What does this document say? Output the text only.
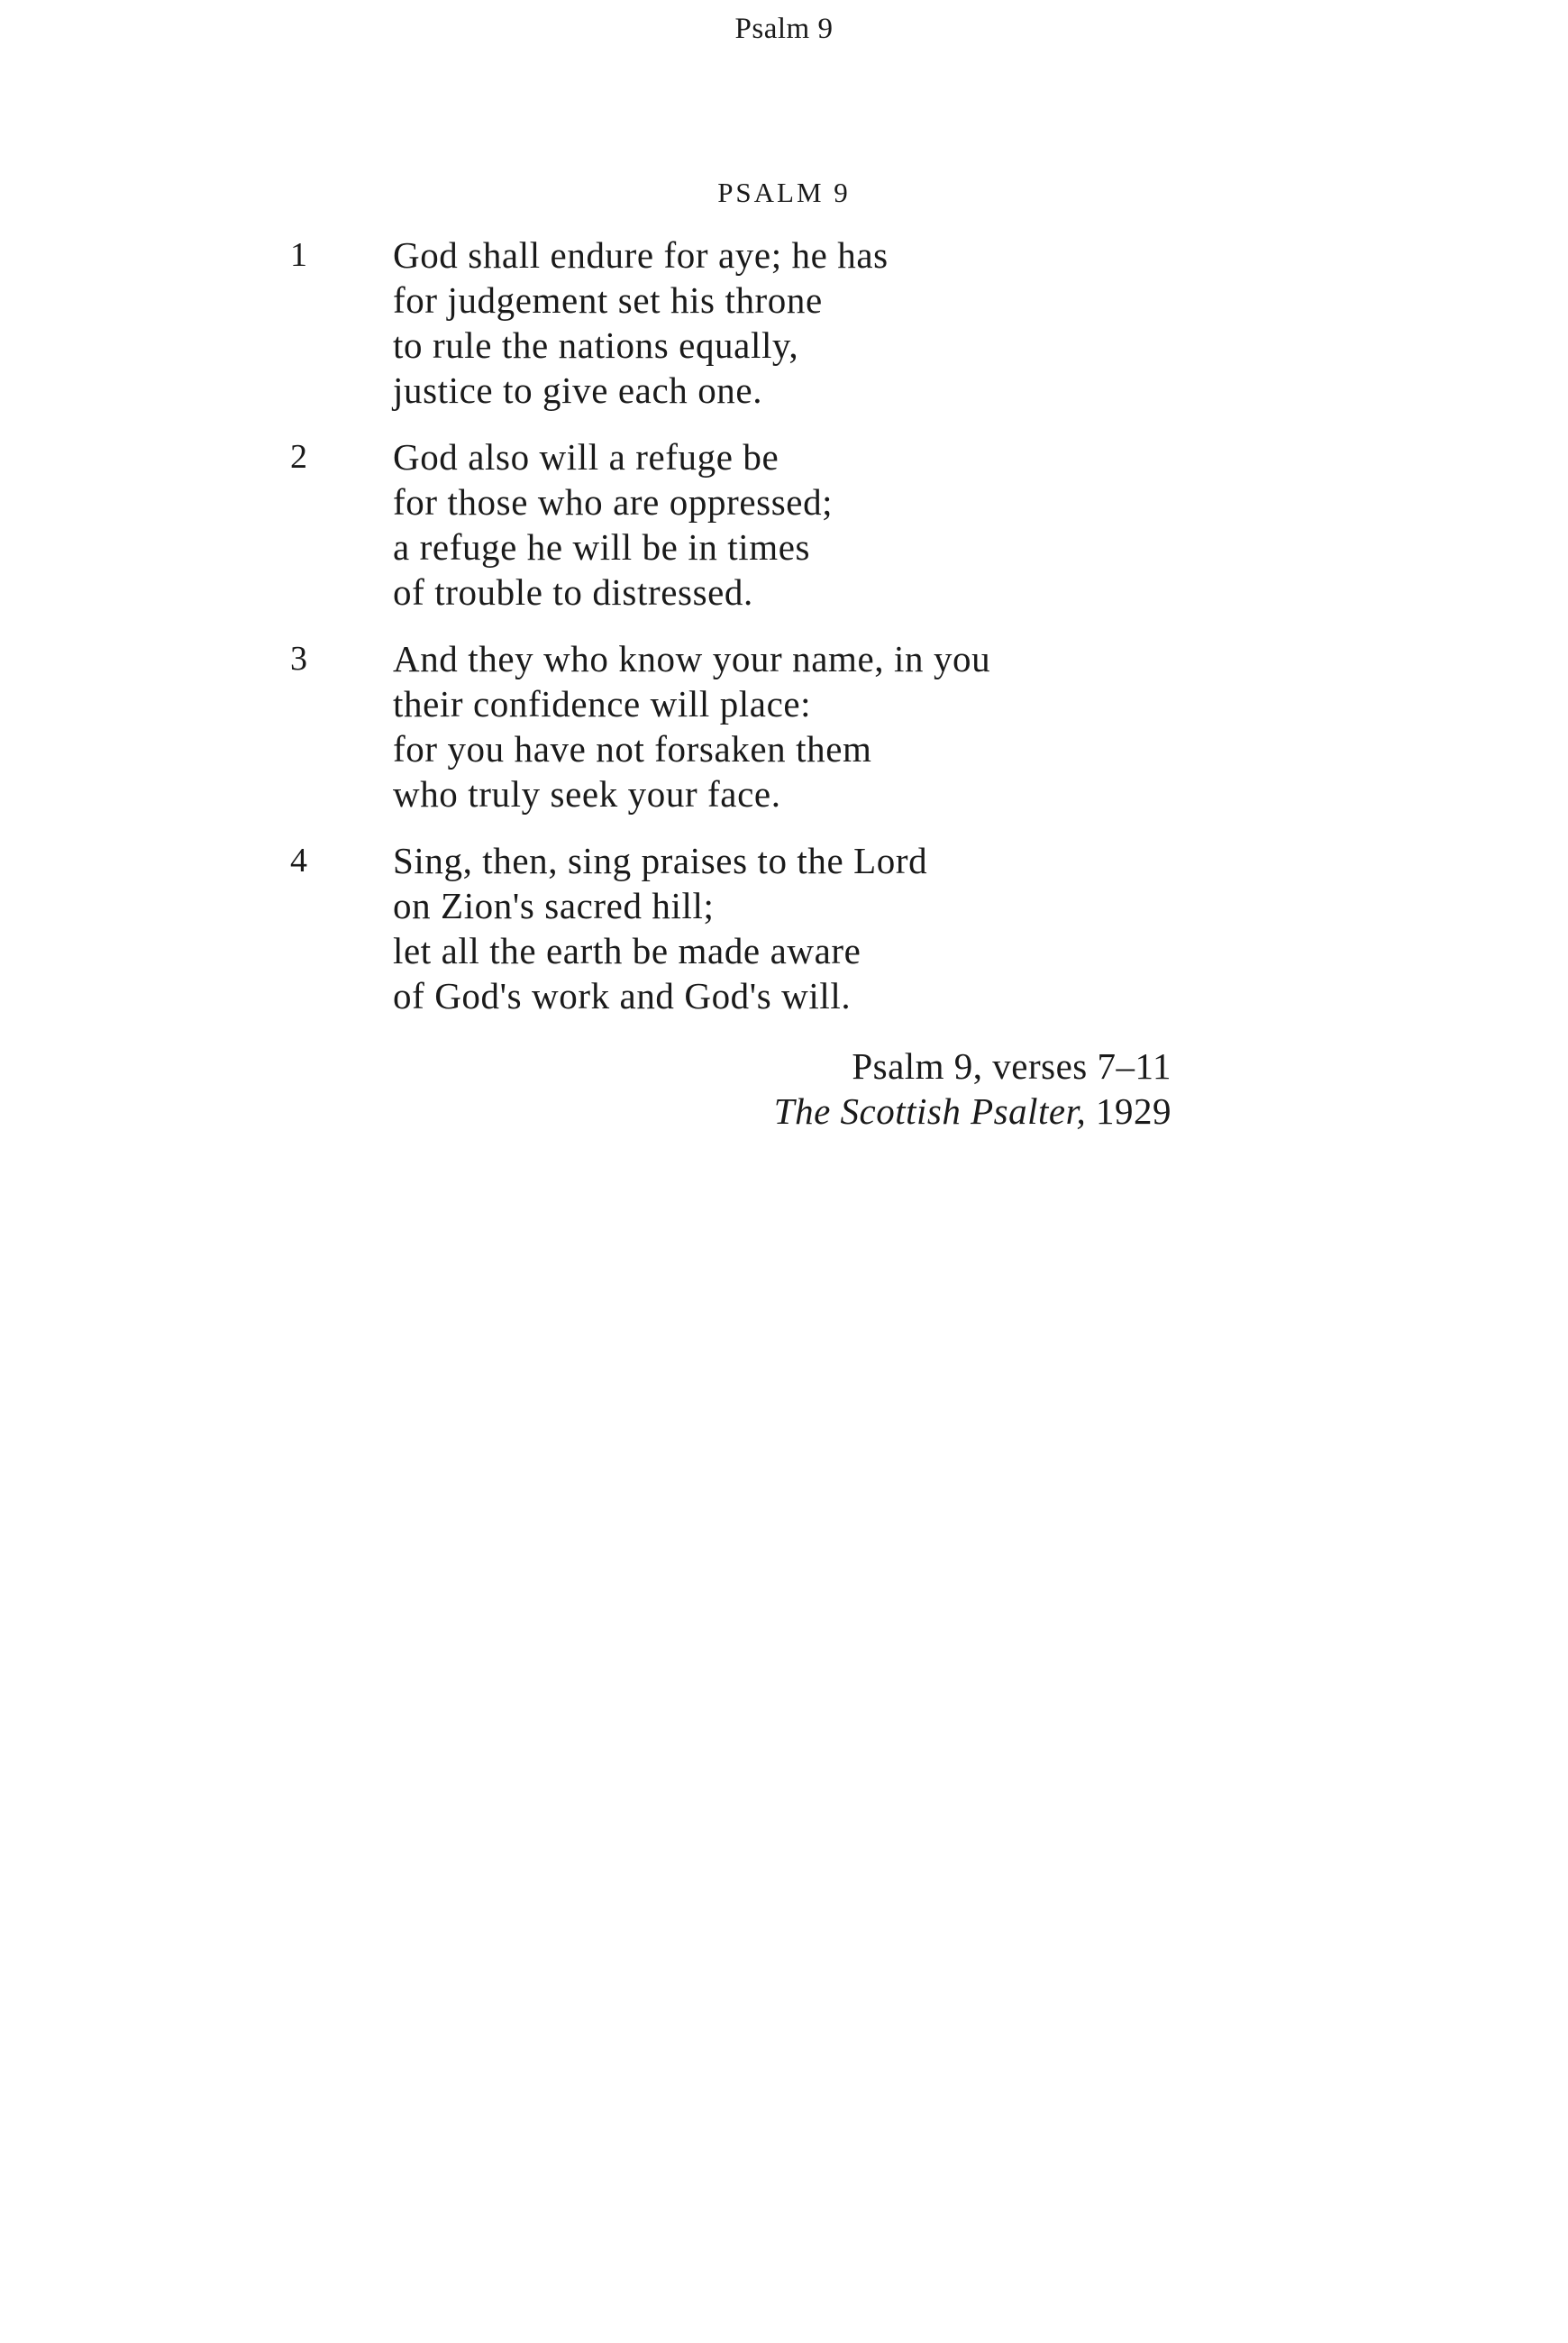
Psalm 9
PSALM 9
1 God shall endure for aye; he has
for judgement set his throne
to rule the nations equally,
justice to give each one.
2 God also will a refuge be
for those who are oppressed;
a refuge he will be in times
of trouble to distressed.
3 And they who know your name, in you
their confidence will place:
for you have not forsaken them
who truly seek your face.
4 Sing, then, sing praises to the Lord
on Zion's sacred hill;
let all the earth be made aware
of God's work and God's will.
Psalm 9, verses 7–11
The Scottish Psalter, 1929
